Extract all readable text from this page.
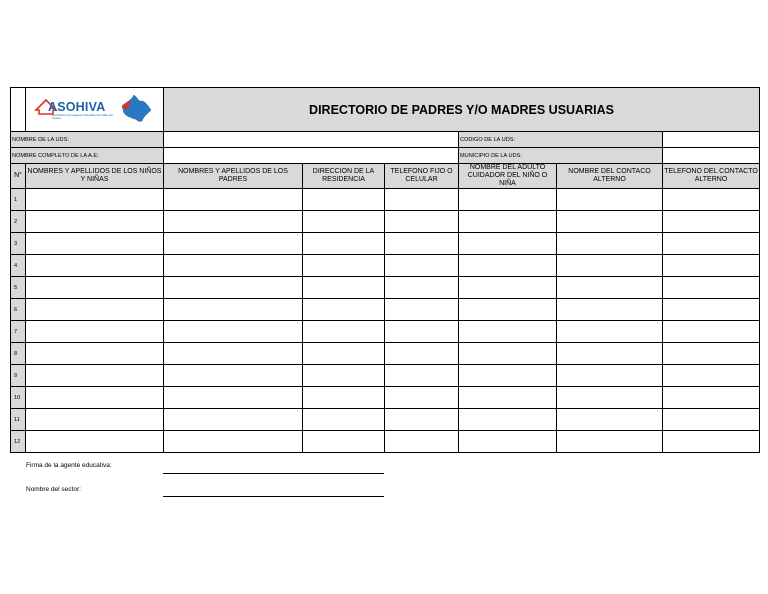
	ASOHIVA
Asociación de Hogares Infantiles del Valle del Cauca	DIRECTORIO DE PADRES Y/O MADRES USUARIAS					
NOMBRE DE LA UDS:					CODIGO DE LA UDS:		
NOMBRE COMPLETO DE LA A.E:					MUNICIPIO DE LA UDS:		
N°	NOMBRES Y APELLIDOS DE LOS NIÑOS Y NIÑAS	NOMBRES Y APELLIDOS DE LOS PADRES	DIRECCION DE LA RESIDENCIA	TELEFONO FIJO O CELULAR	NOMBRE DEL ADULTO CUIDADOR DEL NIÑO O NIÑA	NOMBRE DEL CONTACO ALTERNO	TELEFONO DEL CONTACTO ALTERNO
1							
2							
3							
4							
5							
6							
7							
8							
9							
10							
11							
12							
Firma de la agente educativa:
Nombre del sector:
